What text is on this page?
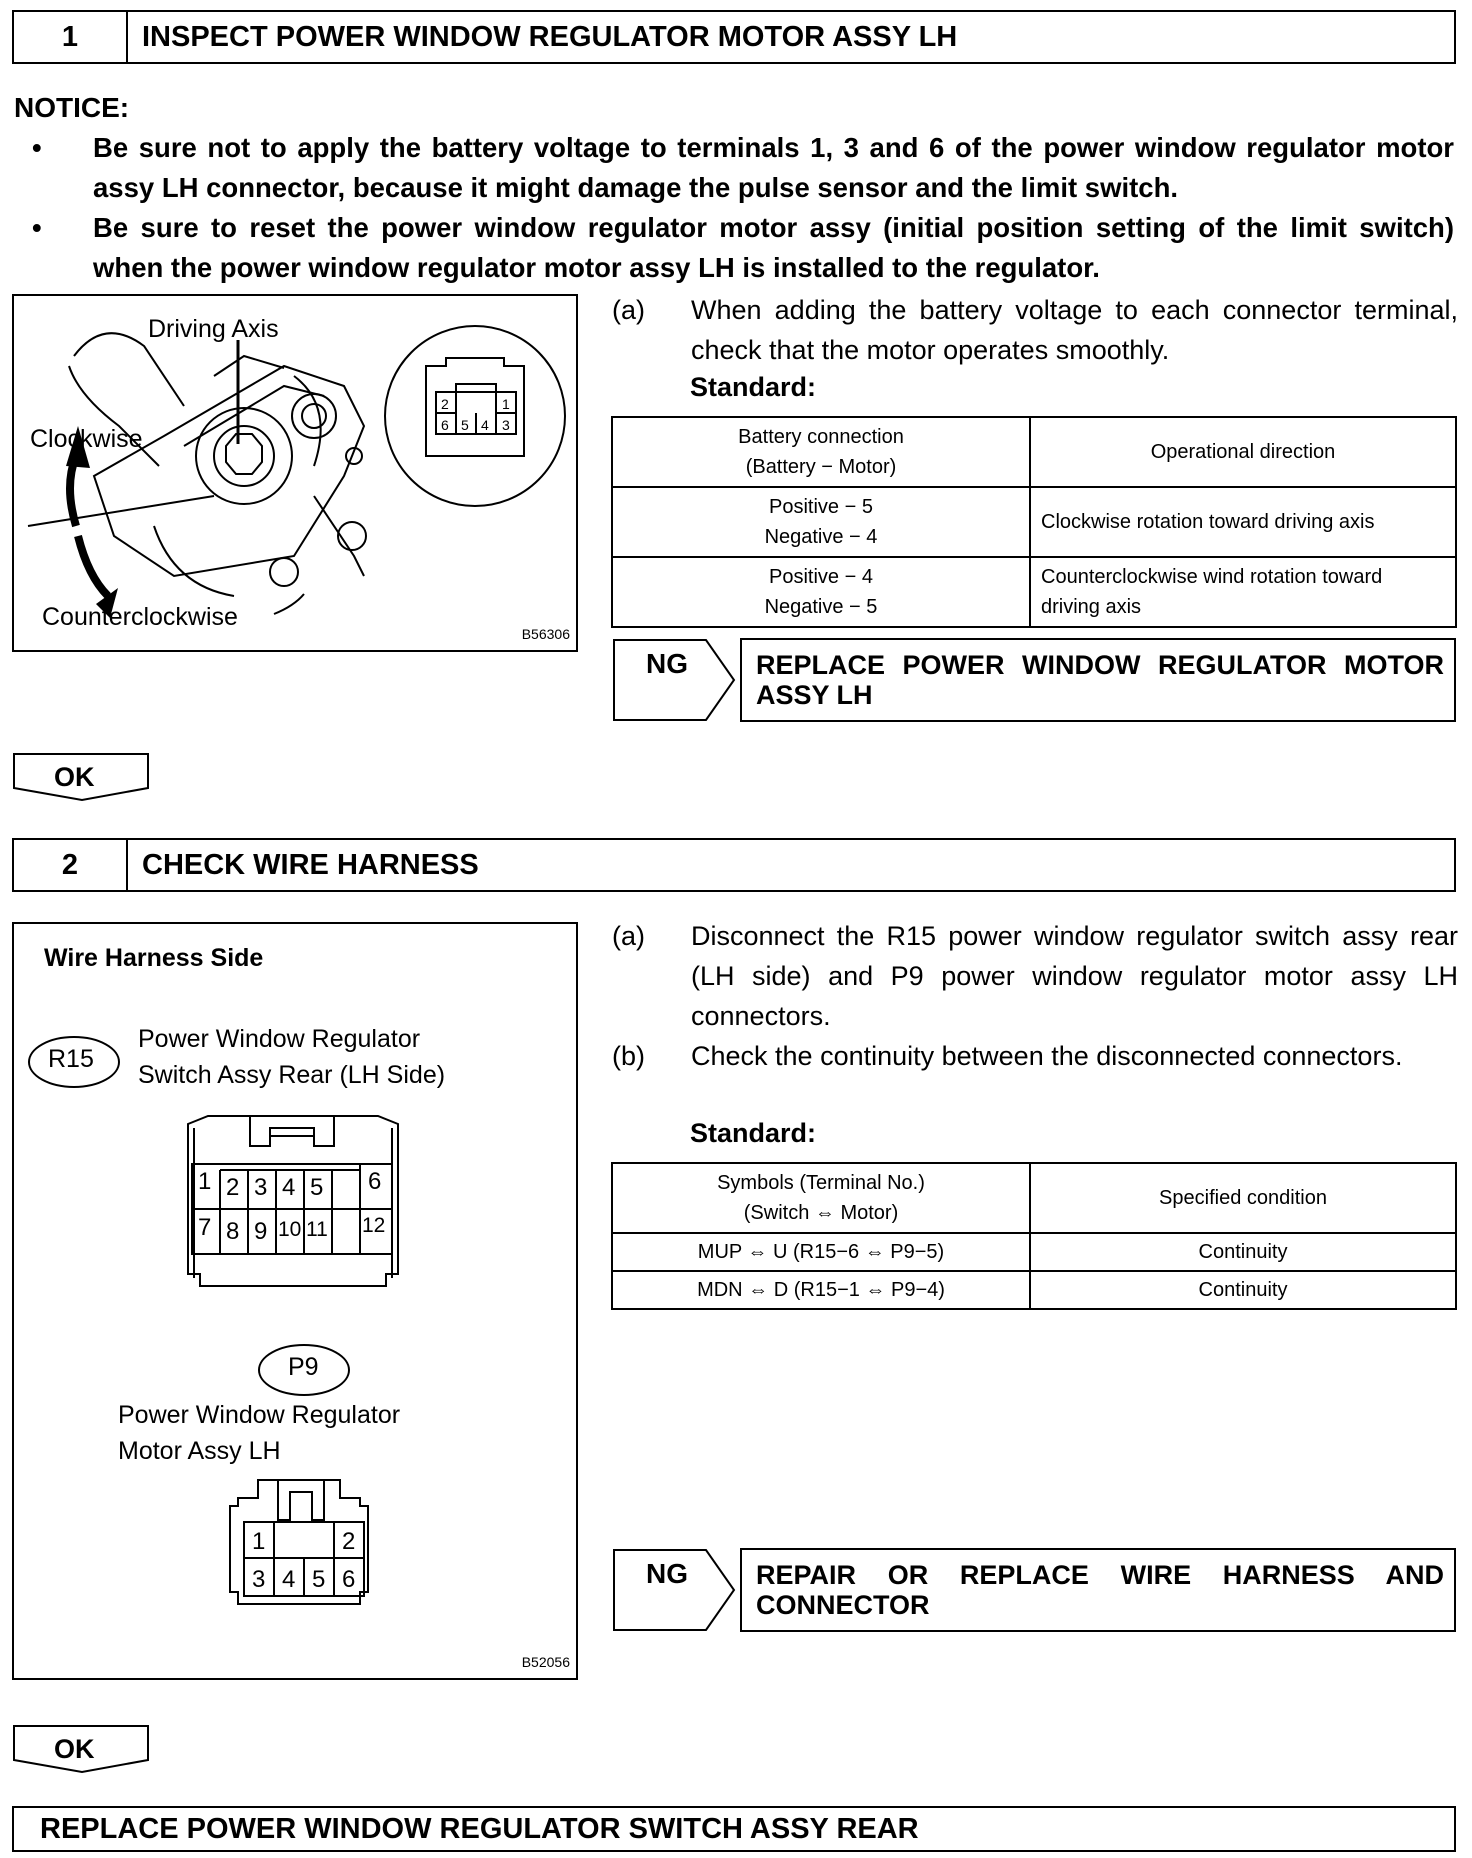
1	INSPECT POWER WINDOW REGULATOR MOTOR ASSY LH
NOTICE:
• Be sure not to apply the battery voltage to terminals 1, 3 and 6 of the power window regulator motor assy LH connector, because it might damage the pulse sensor and the limit switch.
• Be sure to reset the power window regulator motor assy (initial position setting of the limit switch) when the power window regulator motor assy LH is installed to the regulator.
2	1
6 5 4 3
Driving Axis
Clockwise
Counterclockwise
B56306
(a) When adding the battery voltage to each connector terminal, check that the motor operates smoothly.
Standard:
Battery connection
(Battery − Motor)	Operational direction

Positive − 5
Negative − 4	Clockwise rotation toward driving axis

Positive − 4
Negative − 5	Counterclockwise wind rotation toward driving axis
NG	REPLACE POWER WINDOW REGULATOR MOTOR ASSY LH
OK
2	CHECK WIRE HARNESS
Wire Harness Side
R15
Power Window Regulator
Switch Assy Rear (LH Side)
1 2 3 4 5 6
7 8 9 10 11 12
P9
Power Window Regulator
Motor Assy LH
1	2
3 4 5 6
B52056
(a) Disconnect the R15 power window regulator switch assy rear (LH side) and P9 power window regulator motor assy LH connectors.
(b) Check the continuity between the disconnected connectors.
Standard:
Symbols (Terminal No.)
(Switch ⇔ Motor)	Specified condition
MUP ⇔ U (R15−6 ⇔ P9−5)	Continuity
MDN ⇔ D (R15−1 ⇔ P9−4)	Continuity
NG	REPAIR OR REPLACE WIRE HARNESS AND CONNECTOR
OK
REPLACE POWER WINDOW REGULATOR SWITCH ASSY REAR
